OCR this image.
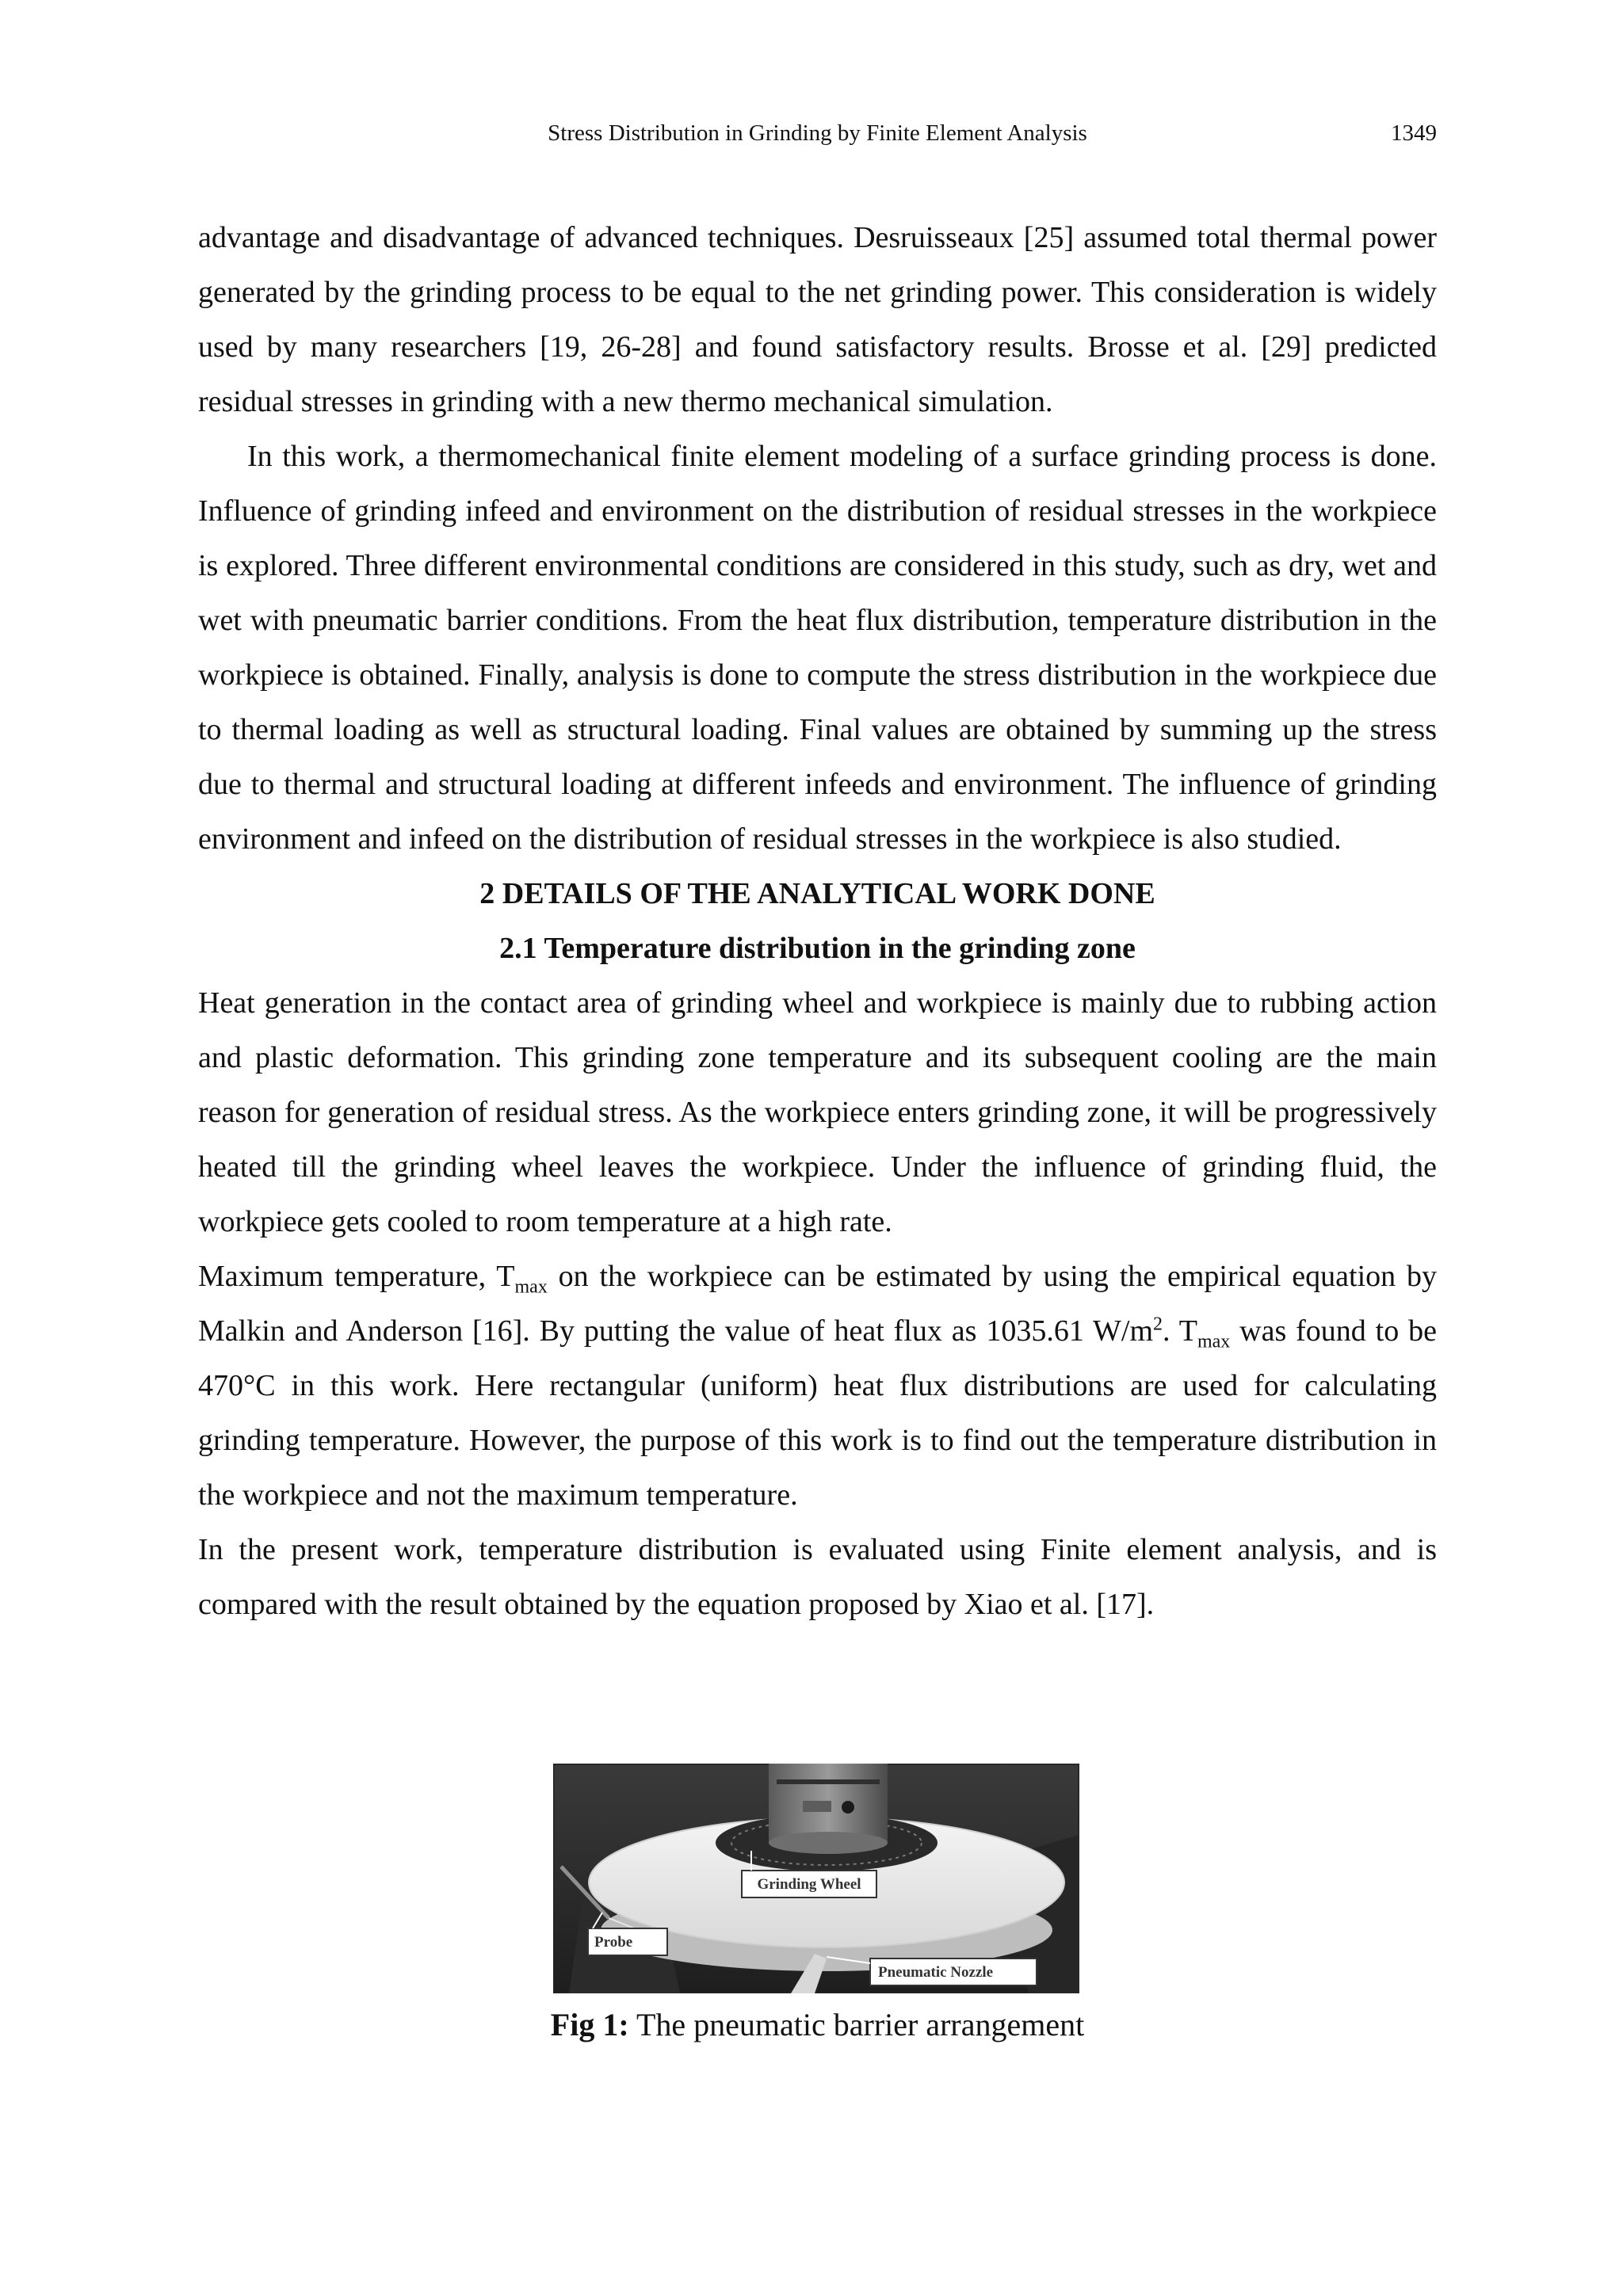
Stress Distribution in Grinding by Finite Element Analysis	1349

advantage and disadvantage of advanced techniques. Desruisseaux [25] assumed total thermal power generated by the grinding process to be equal to the net grinding power. This consideration is widely used by many researchers [19, 26-28] and found satisfactory results. Brosse et al. [29] predicted residual stresses in grinding with a new thermo mechanical simulation.

In this work, a thermomechanical finite element modeling of a surface grinding process is done. Influence of grinding infeed and environment on the distribution of residual stresses in the workpiece is explored. Three different environmental conditions are considered in this study, such as dry, wet and wet with pneumatic barrier conditions. From the heat flux distribution, temperature distribution in the workpiece is obtained. Finally, analysis is done to compute the stress distribution in the workpiece due to thermal loading as well as structural loading. Final values are obtained by summing up the stress due to thermal and structural loading at different infeeds and environment. The influence of grinding environment and infeed on the distribution of residual stresses in the workpiece is also studied.

2 DETAILS OF THE ANALYTICAL WORK DONE
2.1 Temperature distribution in the grinding zone

Heat generation in the contact area of grinding wheel and workpiece is mainly due to rubbing action and plastic deformation. This grinding zone temperature and its subsequent cooling are the main reason for generation of residual stress. As the workpiece enters grinding zone, it will be progressively heated till the grinding wheel leaves the workpiece. Under the influence of grinding fluid, the workpiece gets cooled to room temperature at a high rate.

Maximum temperature, $T_{max}$ on the workpiece can be estimated by using the empirical equation by Malkin and Anderson [16]. By putting the value of heat flux as 1035.61 $W/m^2$. $T_{max}$ was found to be 470°C in this work. Here rectangular (uniform) heat flux distributions are used for calculating grinding temperature. However, the purpose of this work is to find out the temperature distribution in the workpiece and not the maximum temperature.

In the present work, temperature distribution is evaluated using Finite element analysis, and is compared with the result obtained by the equation proposed by Xiao et al. [17].

Grinding Wheel
Probe
Pneumatic Nozzle
Fig 1: The pneumatic barrier arrangement
